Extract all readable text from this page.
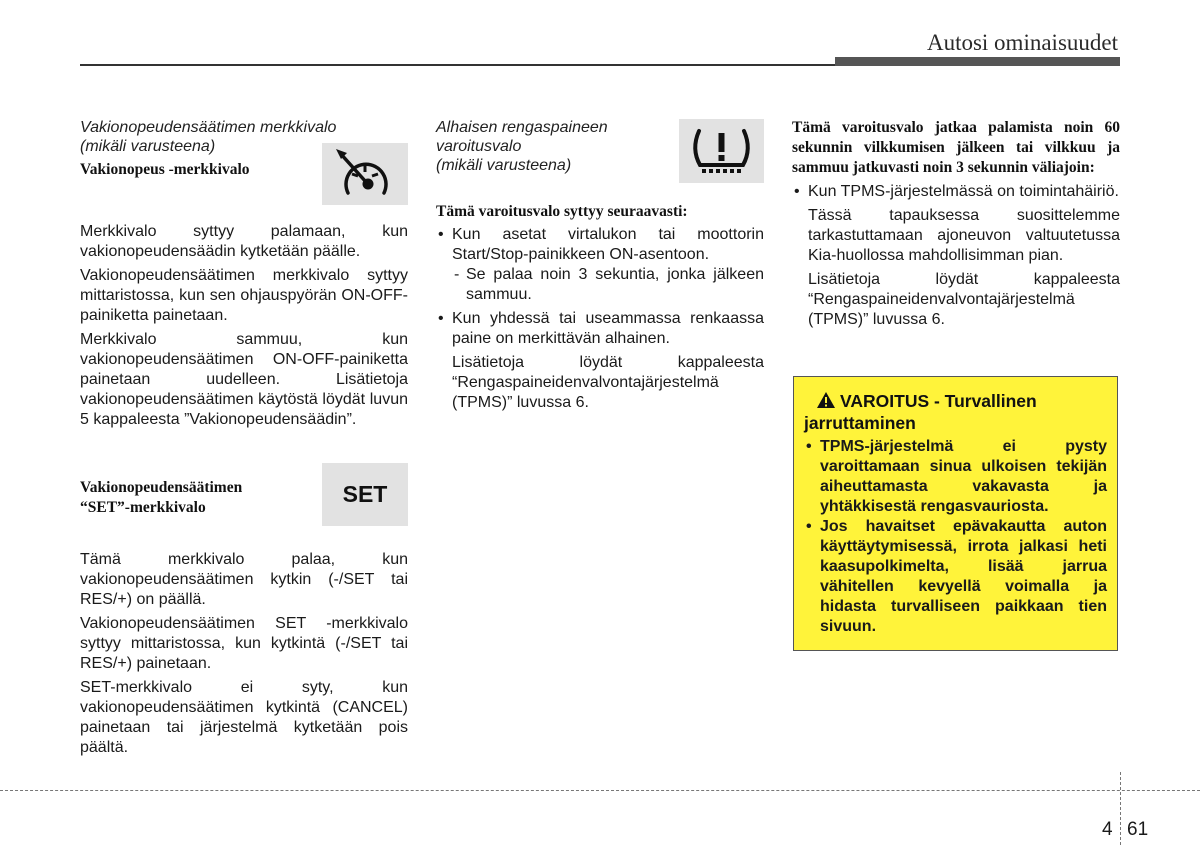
Autosi ominaisuudet

Vakionopeudensäätimen merkkivalo

(mikäli varusteena)

Vakionopeus -merkkivalo

Merkkivalo syttyy palamaan, kun vakionopeudensäädin kytketään päälle.

Vakionopeudensäätimen merkkivalo syttyy mittaristossa, kun sen ohjauspyörän ON-OFF-painiketta painetaan.

Merkkivalo sammuu, kun vakionopeudensäätimen ON-OFF-painiketta painetaan uudelleen. Lisätietoja vakionopeudensäätimen käytöstä löydät luvun 5 kappaleesta ”Vakionopeudensäädin”.

Vakionopeudensäätimen

“SET”-merkkivalo

Tämä merkkivalo palaa, kun vakionopeudensäätimen kytkin (-/SET tai RES/+) on päällä.

Vakionopeudensäätimen SET -merkkivalo syttyy mittaristossa, kun kytkintä (-/SET tai RES/+) painetaan.

SET-merkkivalo ei syty, kun vakionopeudensäätimen kytkintä (CANCEL) painetaan tai järjestelmä kytketään pois päältä.

SET

Alhaisen rengaspaineen

varoitusvalo

(mikäli varusteena)

Tämä varoitusvalo syttyy seuraavasti:

• Kun asetat virtalukon tai moottorin Start/Stop-painikkeen ON-asentoon.
- Se palaa noin 3 sekuntia, jonka jälkeen sammuu.
• Kun yhdessä tai useammassa renkaassa paine on merkittävän alhainen.

Lisätietoja löydät kappaleesta “Rengaspaineidenvalvontajärjestelmä (TPMS)” luvussa 6.

Tämä varoitusvalo jatkaa palamista noin 60 sekunnin vilkkumisen jälkeen tai vilkkuu ja sammuu jatkuvasti noin 3 sekunnin väliajoin:

• Kun TPMS-järjestelmässä on toimintahäiriö.

Tässä tapauksessa suosittelemme tarkastuttamaan ajoneuvon valtuutetussa Kia-huollossa mahdollisimman pian.

Lisätietoja löydät kappaleesta “Rengaspaineidenvalvontajärjestelmä (TPMS)” luvussa 6.

VAROITUS - Turvallinen jarruttaminen
• TPMS-järjestelmä ei pysty varoittamaan sinua ulkoisen tekijän aiheuttamasta vakavasta ja yhtäkkisestä rengasvauriosta.
• Jos havaitset epävakautta auton käyttäytymisessä, irrota jalkasi heti kaasupolkimelta, lisää jarrua vähitellen kevyellä voimalla ja hidasta turvalliseen paikkaan tien sivuun.
4 61
